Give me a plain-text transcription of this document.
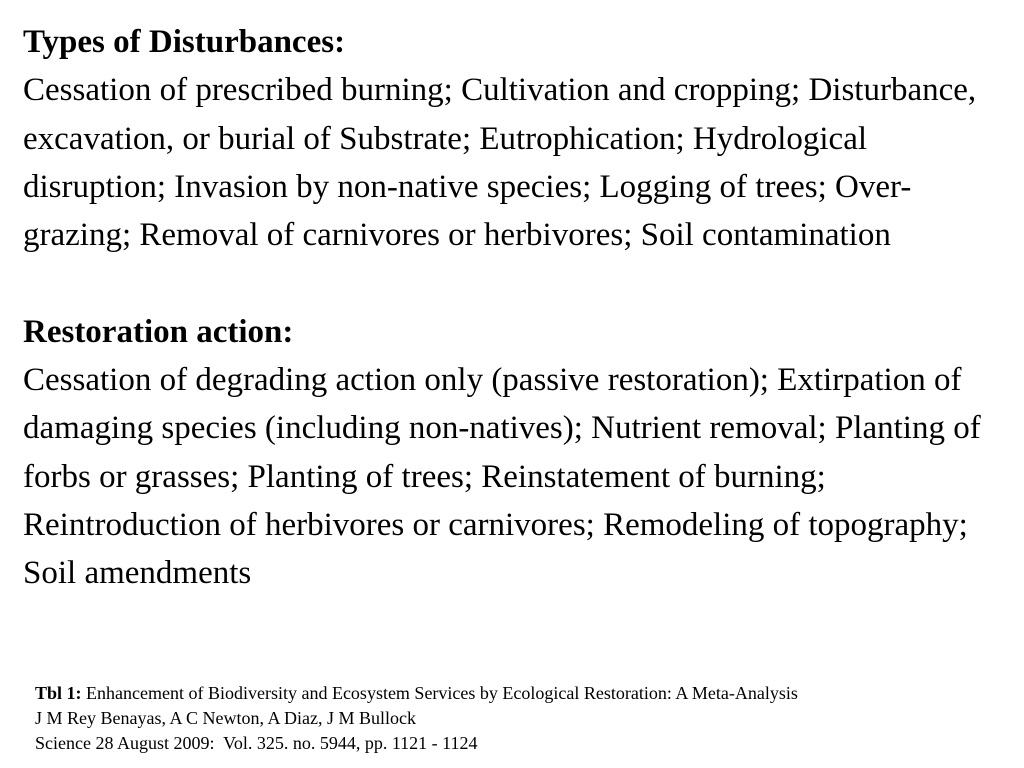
Types of Disturbances:
Cessation of prescribed burning; Cultivation and cropping; Disturbance, excavation, or burial of Substrate; Eutrophication; Hydrological disruption; Invasion by non-native species; Logging of trees; Over-grazing; Removal of carnivores or herbivores; Soil contamination
Restoration action:
Cessation of degrading action only (passive restoration); Extirpation of damaging species (including non-natives); Nutrient removal; Planting of forbs or grasses; Planting of trees; Reinstatement of burning; Reintroduction of herbivores or carnivores; Remodeling of topography; Soil amendments
Tbl 1: Enhancement of Biodiversity and Ecosystem Services by Ecological Restoration: A Meta-Analysis
J M Rey Benayas, A C Newton, A Diaz, J M Bullock
Science 28 August 2009:  Vol. 325. no. 5944, pp. 1121 - 1124
